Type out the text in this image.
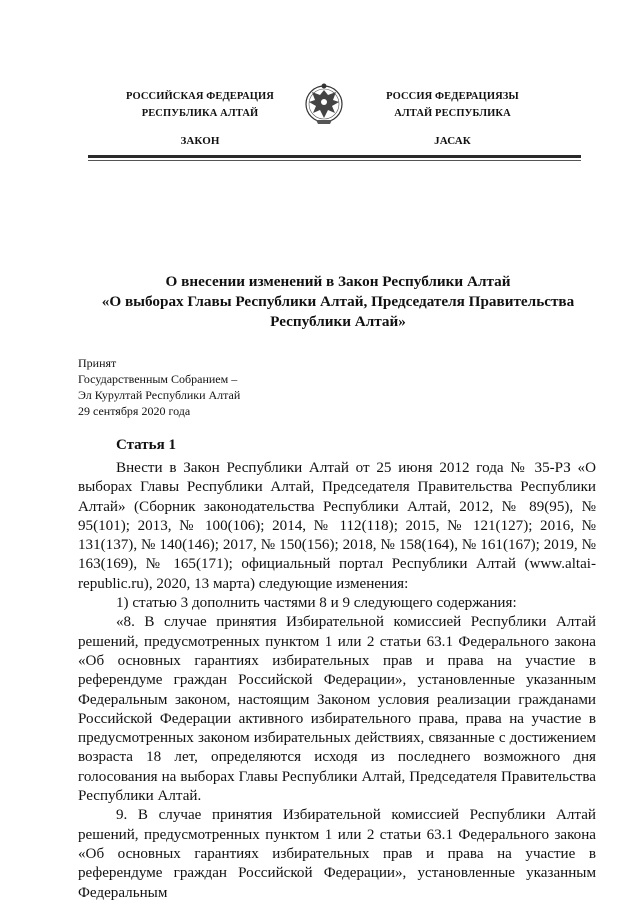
РОССИЙСКАЯ ФЕДЕРАЦИЯ
РЕСПУБЛИКА АЛТАЙ
ЗАКОН
РОССИЯ ФЕДЕРАЦИЯЗЫ
АЛТАЙ РЕСПУБЛИКА
JАСАК
О внесении изменений в Закон Республики Алтай
«О выборах Главы Республики Алтай, Председателя Правительства
Республики Алтай»
Принят
Государственным Собранием –
Эл Курултай Республики Алтай
29 сентября 2020 года
Статья 1

Внести в Закон Республики Алтай от 25 июня 2012 года № 35-РЗ «О выборах Главы Республики Алтай, Председателя Правительства Республики Алтай» (Сборник законодательства Республики Алтай, 2012, № 89(95), № 95(101); 2013, № 100(106); 2014, № 112(118); 2015, № 121(127); 2016, № 131(137), № 140(146); 2017, № 150(156); 2018, № 158(164), № 161(167); 2019, № 163(169), № 165(171); официальный портал Республики Алтай (www.altai-republic.ru), 2020, 13 марта) следующие изменения:

1) статью 3 дополнить частями 8 и 9 следующего содержания:

«8. В случае принятия Избирательной комиссией Республики Алтай решений, предусмотренных пунктом 1 или 2 статьи 63.1 Федерального закона «Об основных гарантиях избирательных прав и права на участие в референдуме граждан Российской Федерации», установленные указанным Федеральным законом, настоящим Законом условия реализации гражданами Российской Федерации активного избирательного права, права на участие в предусмотренных законом избирательных действиях, связанные с достижением возраста 18 лет, определяются исходя из последнего возможного дня голосования на выборах Главы Республики Алтай, Председателя Правительства Республики Алтай.

9. В случае принятия Избирательной комиссией Республики Алтай решений, предусмотренных пунктом 1 или 2 статьи 63.1 Федерального закона «Об основных гарантиях избирательных прав и права на участие в референдуме граждан Российской Федерации», установленные указанным Федеральным
